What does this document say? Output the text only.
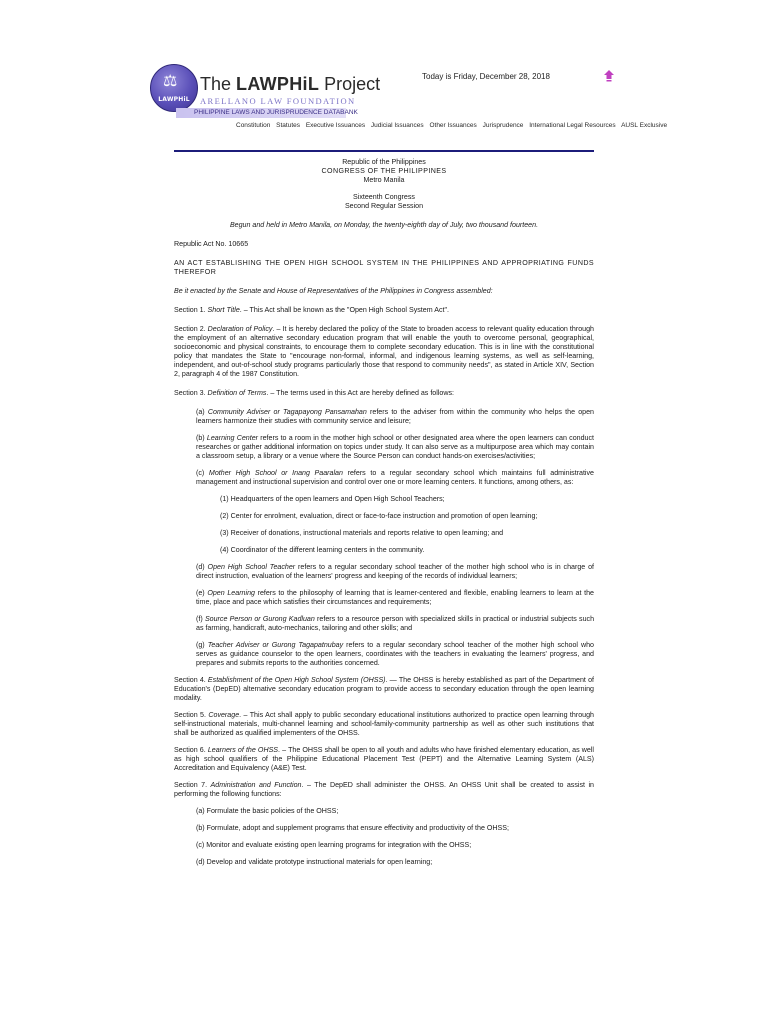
⚖
LAWPHiL
The LAWPHiL Project
ARELLANO LAW FOUNDATION
PHILIPPINE LAWS AND JURISPRUDENCE DATABANK
Today is Friday, December 28, 2018
Constitution Statutes Executive Issuances Judicial Issuances Other Issuances Jurisprudence International Legal Resources AUSL Exclusive

Republic of the Philippines

CONGRESS OF THE PHILIPPINES

Metro Manila

Sixteenth Congress

Second Regular Session

Begun and held in Metro Manila, on Monday, the twenty-eighth day of July, two thousand fourteen.

Republic Act No. 10665

AN ACT ESTABLISHING THE OPEN HIGH SCHOOL SYSTEM IN THE PHILIPPINES AND APPROPRIATING FUNDS THEREFOR

Be it enacted by the Senate and House of Representatives of the Philippines in Congress assembled:

Section 1. Short Title. – This Act shall be known as the "Open High School System Act".

Section 2. Declaration of Policy. – It is hereby declared the policy of the State to broaden access to relevant quality education through the employment of an alternative secondary education program that will enable the youth to overcome personal, geographical, socioeconomic and physical constraints, to encourage them to complete secondary education. This is in line with the constitutional policy that mandates the State to "encourage non-formal, informal, and indigenous learning systems, as well as self-learning, independent, and out-of-school study programs particularly those that respond to community needs", as stated in Article XIV, Section 2, paragraph 4 of the 1987 Constitution.

Section 3. Definition of Terms. – The terms used in this Act are hereby defined as follows:

(a) Community Adviser or Tagapayong Pansamahan refers to the adviser from within the community who helps the open learners harmonize their studies with community service and leisure;

(b) Learning Center refers to a room in the mother high school or other designated area where the open learners can conduct researches or gather additional information on topics under study. It can also serve as a multipurpose area which may contain a classroom setup, a library or a venue where the Source Person can conduct hands-on exercises/activities;

(c) Mother High School or Inang Paaralan refers to a regular secondary school which maintains full administrative management and instructional supervision and control over one or more learning centers. It functions, among others, as:

(1) Headquarters of the open learners and Open High School Teachers;

(2) Center for enrolment, evaluation, direct or face-to-face instruction and promotion of open learning;

(3) Receiver of donations, instructional materials and reports relative to open learning; and

(4) Coordinator of the different learning centers in the community.

(d) Open High School Teacher refers to a regular secondary school teacher of the mother high school who is in charge of direct instruction, evaluation of the learners' progress and keeping of the records of individual learners;

(e) Open Learning refers to the philosophy of learning that is learner-centered and flexible, enabling learners to learn at the time, place and pace which satisfies their circumstances and requirements;

(f) Source Person or Gurong Kadluan refers to a resource person with specialized skills in practical or industrial subjects such as farming, handicraft, auto-mechanics, tailoring and other skills; and

(g) Teacher Adviser or Gurong Tagapatnubay refers to a regular secondary school teacher of the mother high school who serves as guidance counselor to the open learners, coordinates with the teachers in evaluating the learners' progress, and prepares and submits reports to the authorities concerned.

Section 4. Establishment of the Open High School System (OHSS). — The OHSS is hereby established as part of the Department of Education's (DepED) alternative secondary education program to provide access to secondary education through the open learning modality.

Section 5. Coverage. – This Act shall apply to public secondary educational institutions authorized to practice open learning through self-instructional materials, multi-channel learning and school-family-community partnership as well as other such institutions that shall be authorized as qualified implementers of the OHSS.

Section 6. Learners of the OHSS. – The OHSS shall be open to all youth and adults who have finished elementary education, as well as high school qualifiers of the Philippine Educational Placement Test (PEPT) and the Alternative Learning System (ALS) Accreditation and Equivalency (A&E) Test.

Section 7. Administration and Function. – The DepED shall administer the OHSS. An OHSS Unit shall be created to assist in performing the following functions:

(a) Formulate the basic policies of the OHSS;

(b) Formulate, adopt and supplement programs that ensure effectivity and productivity of the OHSS;

(c) Monitor and evaluate existing open learning programs for integration with the OHSS;

(d) Develop and validate prototype instructional materials for open learning;
